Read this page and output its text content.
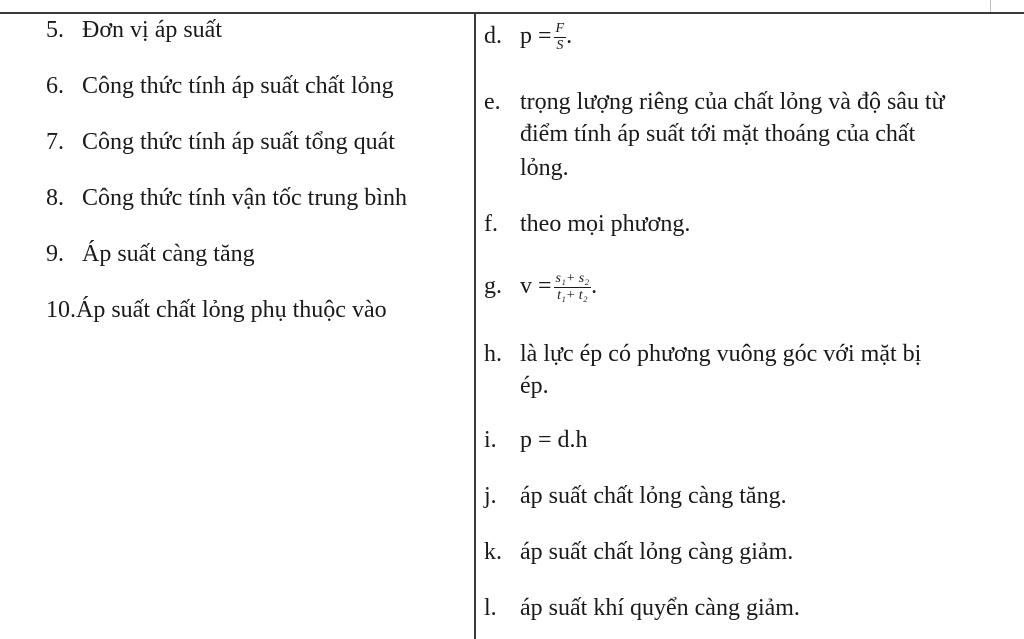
5. Đơn vị áp suất
6. Công thức tính áp suất chất lỏng
7. Công thức tính áp suất tổng quát
8. Công thức tính vận tốc trung bình
9. Áp suất càng tăng
10.Áp suất chất lỏng phụ thuộc vào
d. $p = \frac{F}{S}$ .
e. trọng lượng riêng của chất lỏng và độ sâu từ
điểm tính áp suất tới mặt thoáng của chất
lỏng.
f. theo mọi phương.
g. $v = \frac{\text{s₁+ s₂}}{\text{t₁+ t₂}}$ .
h. là lực ép có phương vuông góc với mặt bị
ép.
i. p = d.h
j. áp suất chất lỏng càng tăng.
k. áp suất chất lỏng càng giảm.
l. áp suất khí quyển càng giảm.
